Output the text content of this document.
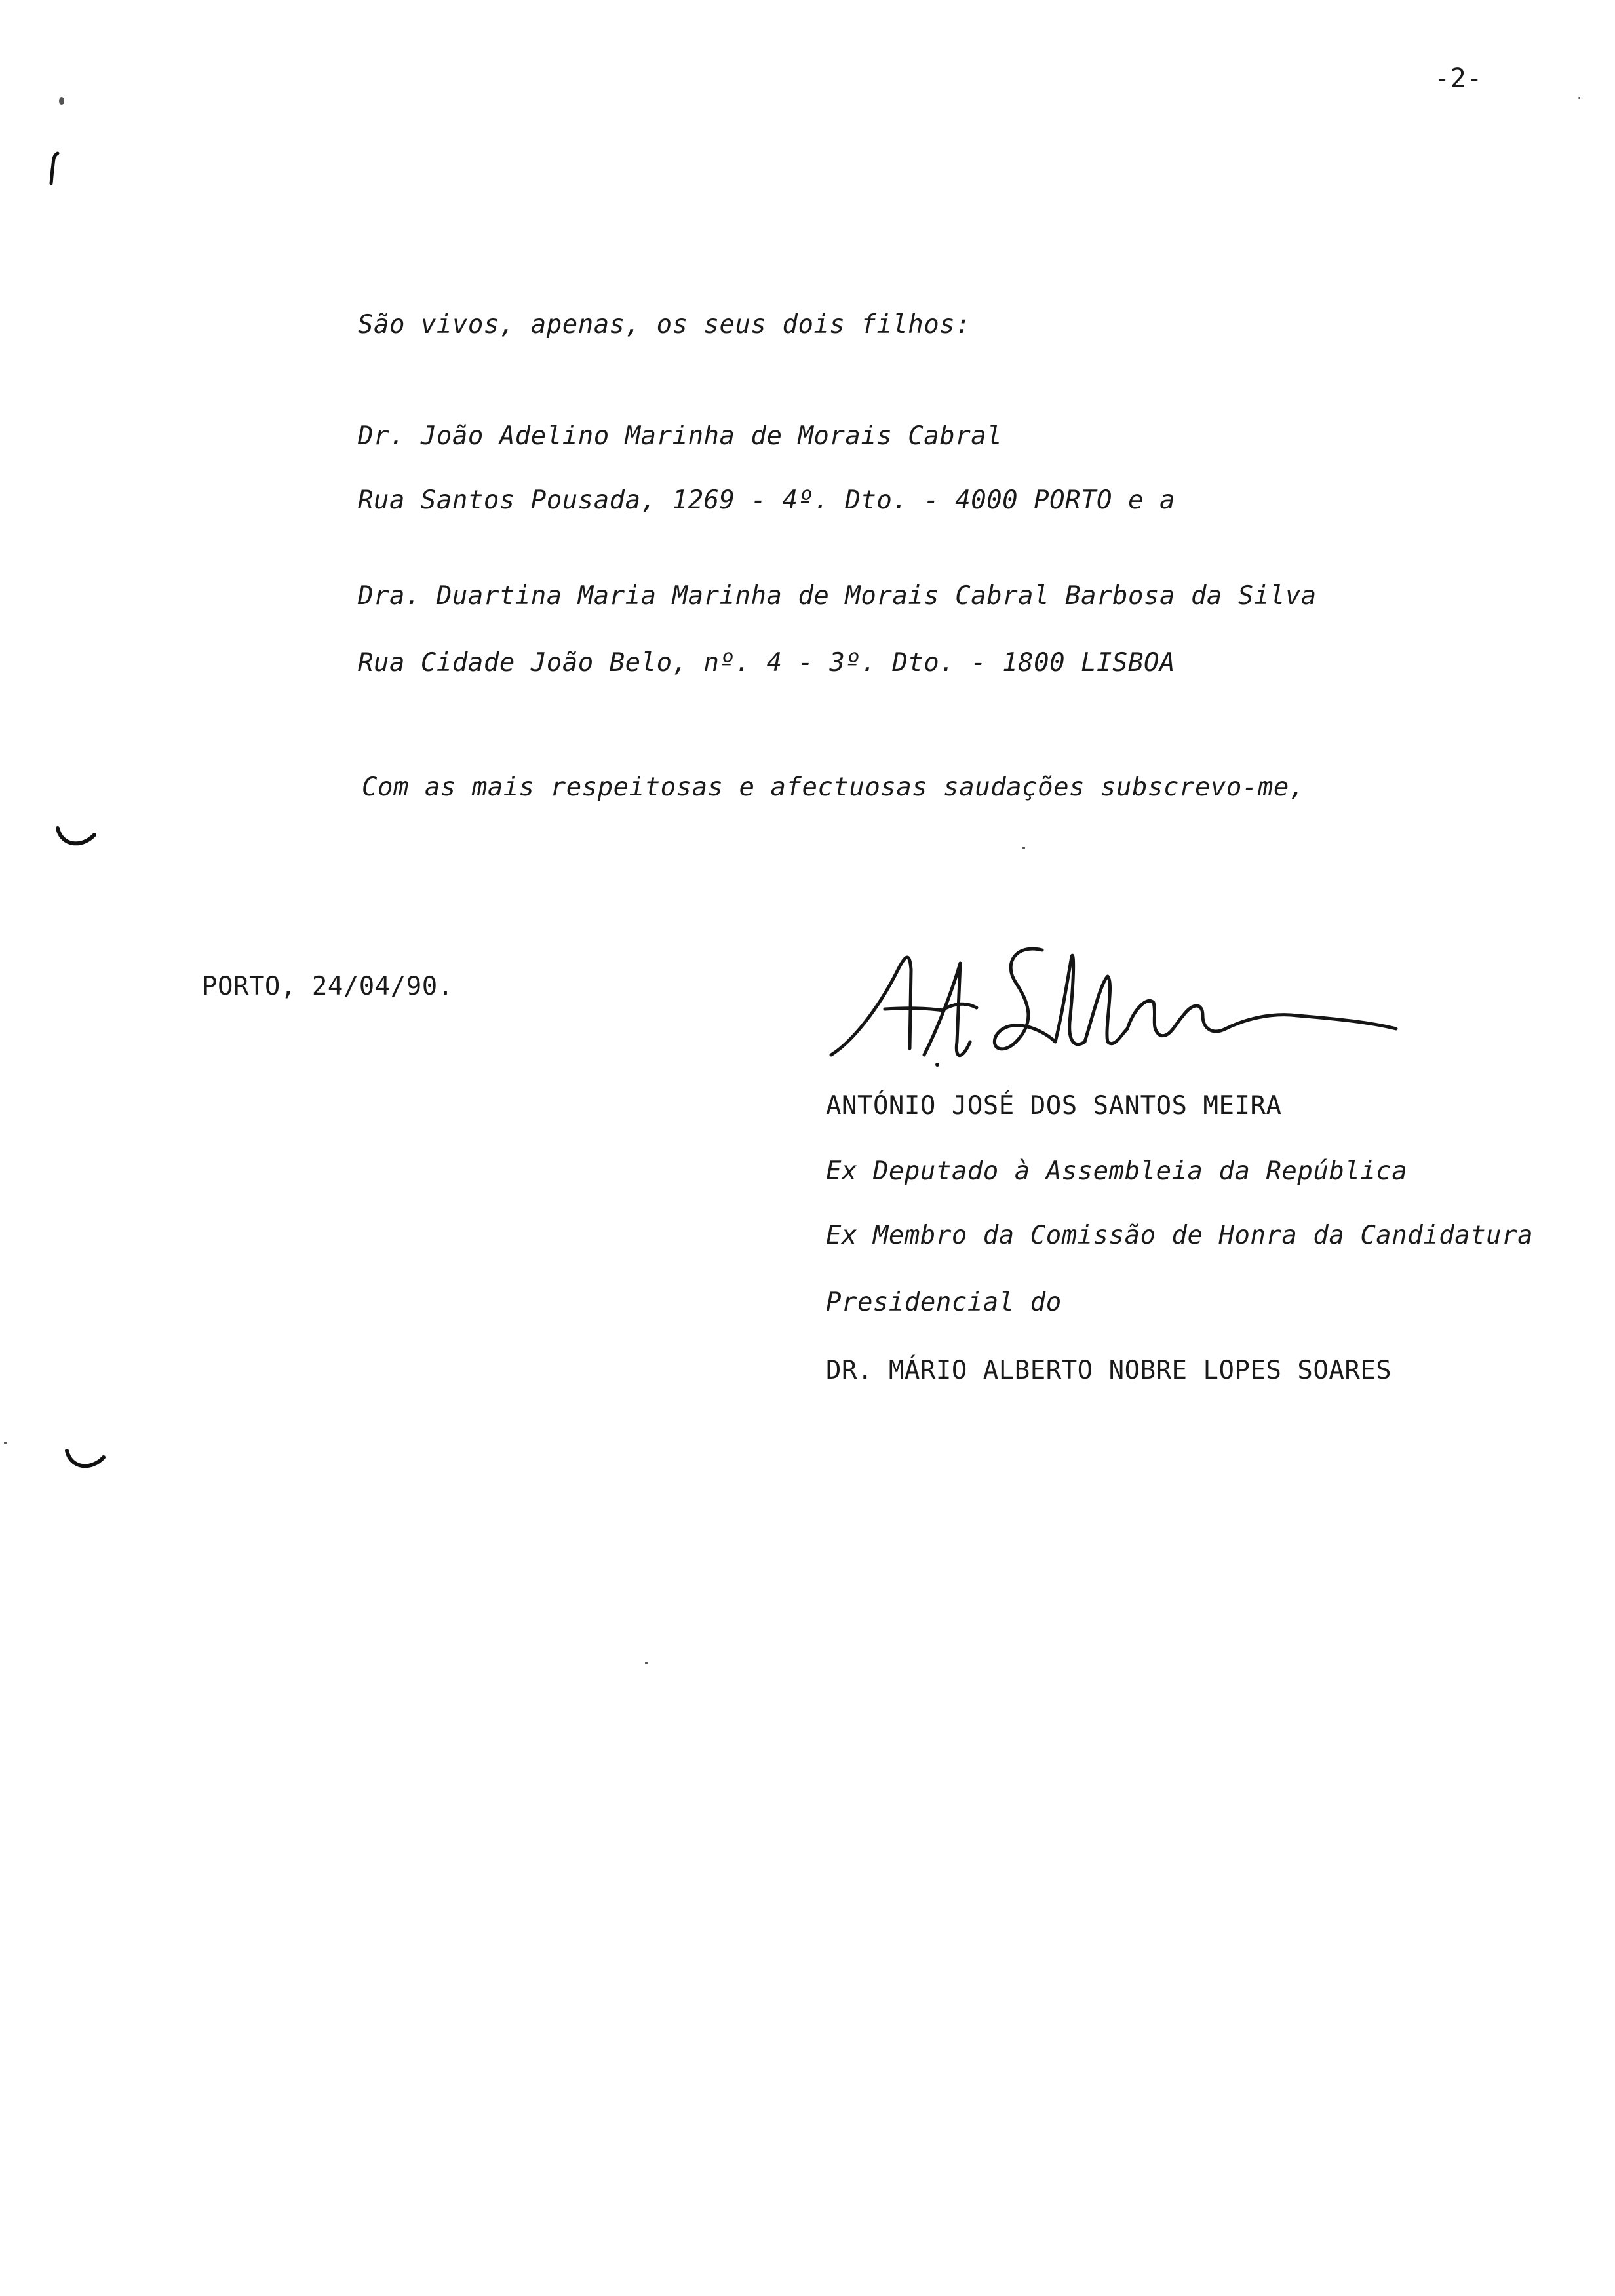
-2-
São vivos, apenas, os seus dois filhos:
Dr. João Adelino Marinha de Morais Cabral
Rua Santos Pousada, 1269 - 4º. Dto. - 4000 PORTO e a
Dra. Duartina Maria Marinha de Morais Cabral Barbosa da Silva
Rua Cidade João Belo, nº. 4 - 3º. Dto. - 1800 LISBOA
Com as mais respeitosas e afectuosas saudações subscrevo-me,
PORTO, 24/04/90.
ANTÓNIO JOSÉ DOS SANTOS MEIRA
Ex Deputado à Assembleia da República
Ex Membro da Comissão de Honra da Candidatura
Presidencial do
DR. MÁRIO ALBERTO NOBRE LOPES SOARES
